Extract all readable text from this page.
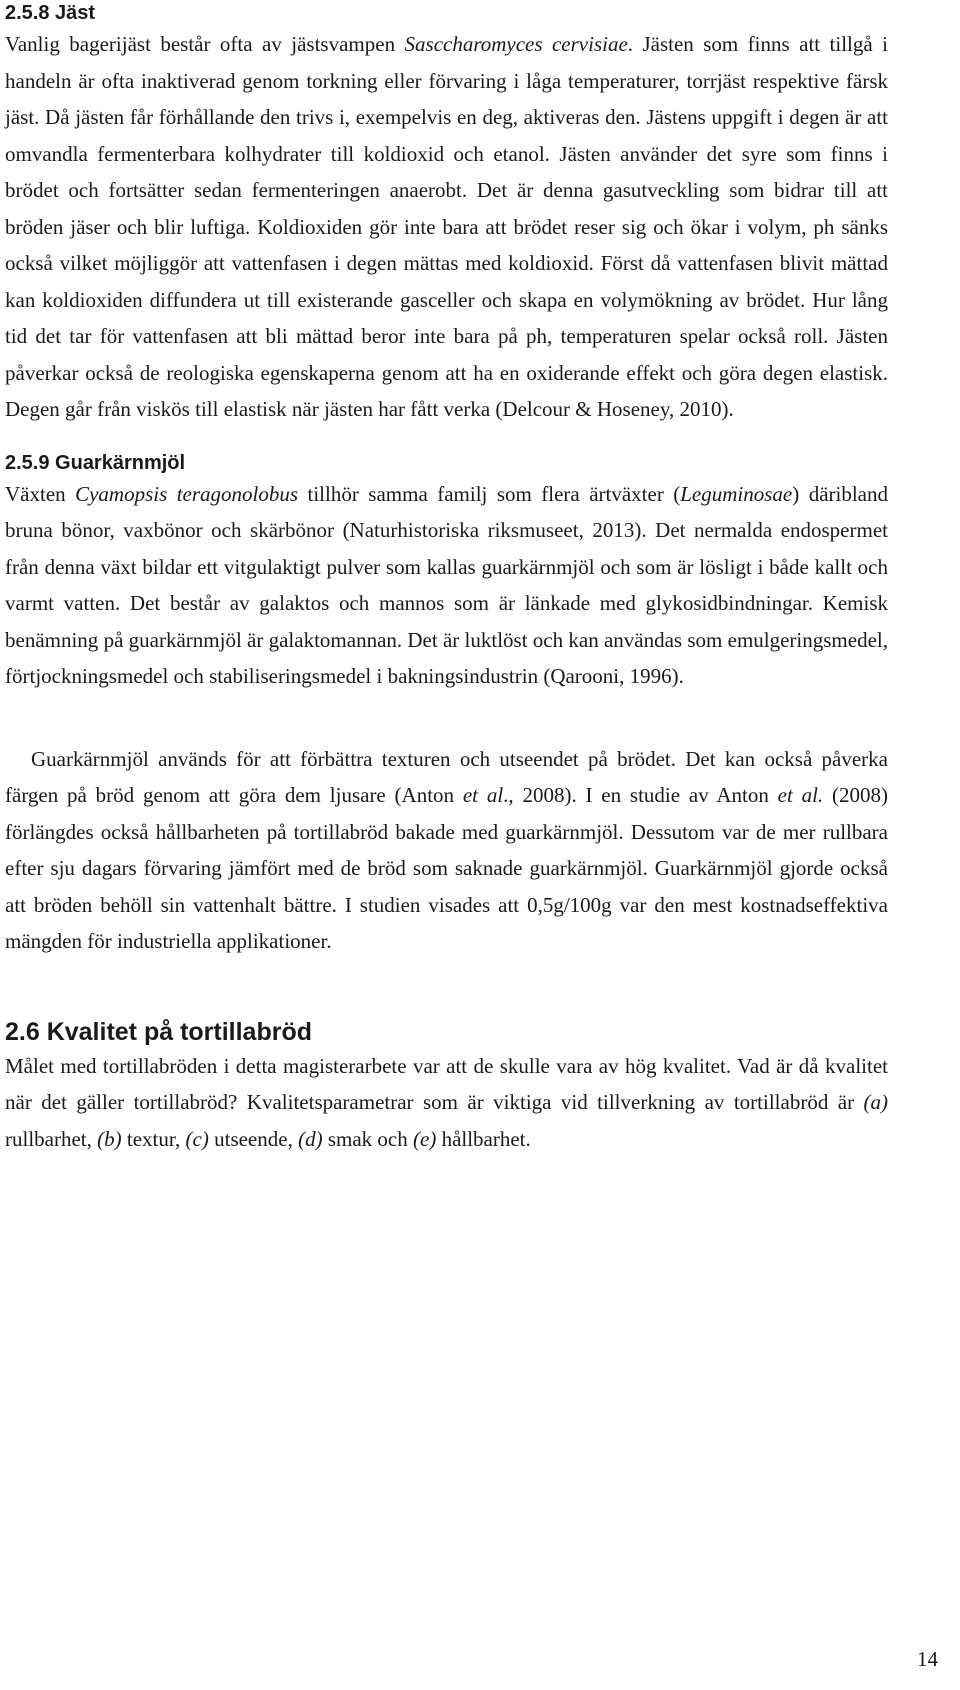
2.5.8 Jäst

Vanlig bagerijäst består ofta av jästsvampen Sasccharomyces cervisiae. Jästen som finns att tillgå i handeln är ofta inaktiverad genom torkning eller förvaring i låga temperaturer, torrjäst respektive färsk jäst. Då jästen får förhållande den trivs i, exempelvis en deg, aktiveras den. Jästens uppgift i degen är att omvandla fermenterbara kolhydrater till koldioxid och etanol. Jästen använder det syre som finns i brödet och fortsätter sedan fermenteringen anaerobt. Det är denna gasutveckling som bidrar till att bröden jäser och blir luftiga. Koldioxiden gör inte bara att brödet reser sig och ökar i volym, ph sänks också vilket möjliggör att vattenfasen i degen mättas med koldioxid. Först då vattenfasen blivit mättad kan koldioxiden diffundera ut till existerande gasceller och skapa en volymökning av brödet. Hur lång tid det tar för vattenfasen att bli mättad beror inte bara på ph, temperaturen spelar också roll. Jästen påverkar också de reologiska egenskaperna genom att ha en oxiderande effekt och göra degen elastisk. Degen går från viskös till elastisk när jästen har fått verka (Delcour & Hoseney, 2010).

2.5.9 Guarkärnmjöl

Växten Cyamopsis teragonolobus tillhör samma familj som flera ärtväxter (Leguminosae) däribland bruna bönor, vaxbönor och skärbönor (Naturhistoriska riksmuseet, 2013). Det nermalda endospermet från denna växt bildar ett vitgulaktigt pulver som kallas guarkärnmjöl och som är lösligt i både kallt och varmt vatten. Det består av galaktos och mannos som är länkade med glykosidbindningar. Kemisk benämning på guarkärnmjöl är galaktomannan. Det är luktlöst och kan användas som emulgeringsmedel, förtjockningsmedel och stabiliseringsmedel i bakningsindustrin (Qarooni, 1996).

Guarkärnmjöl används för att förbättra texturen och utseendet på brödet. Det kan också påverka färgen på bröd genom att göra dem ljusare (Anton et al., 2008). I en studie av Anton et al. (2008) förlängdes också hållbarheten på tortillabröd bakade med guarkärnmjöl. Dessutom var de mer rullbara efter sju dagars förvaring jämfört med de bröd som saknade guarkärnmjöl. Guarkärnmjöl gjorde också att bröden behöll sin vattenhalt bättre. I studien visades att 0,5g/100g var den mest kostnadseffektiva mängden för industriella applikationer.

2.6 Kvalitet på tortillabröd

Målet med tortillabröden i detta magisterarbete var att de skulle vara av hög kvalitet. Vad är då kvalitet när det gäller tortillabröd? Kvalitetsparametrar som är viktiga vid tillverkning av tortillabröd är (a) rullbarhet, (b) textur, (c) utseende, (d) smak och (e) hållbarhet.

14
